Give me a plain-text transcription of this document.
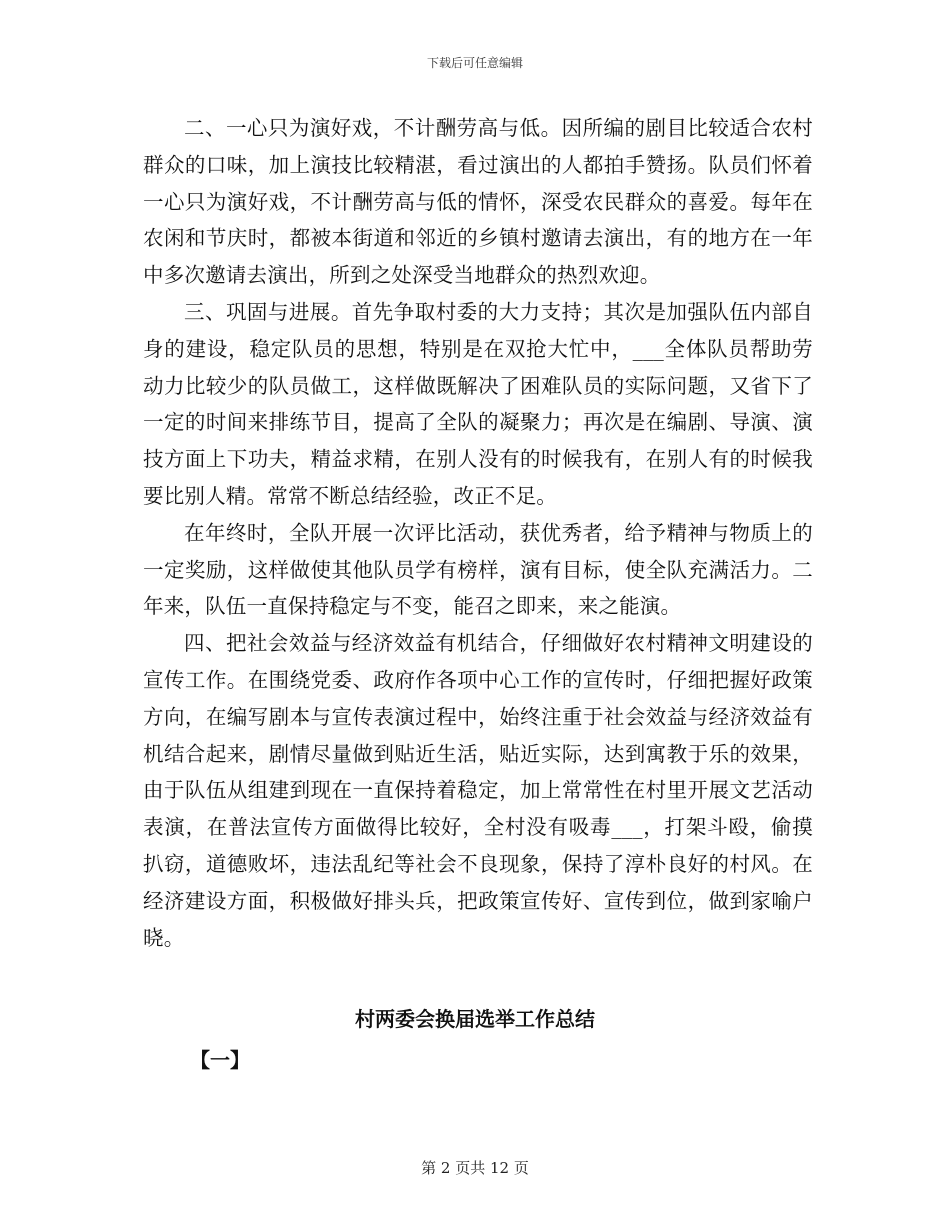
下载后可任意编辑

二、一心只为演好戏，不计酬劳高与低。因所编的剧目比较适合农村群众的口味，加上演技比较精湛，看过演出的人都拍手赞扬。队员们怀着一心只为演好戏，不计酬劳高与低的情怀，深受农民群众的喜爱。每年在农闲和节庆时，都被本街道和邻近的乡镇村邀请去演出，有的地方在一年中多次邀请去演出，所到之处深受当地群众的热烈欢迎。

三、巩固与进展。首先争取村委的大力支持；其次是加强队伍内部自身的建设，稳定队员的思想，特别是在双抢大忙中，___全体队员帮助劳动力比较少的队员做工，这样做既解决了困难队员的实际问题，又省下了一定的时间来排练节目，提高了全队的凝聚力；再次是在编剧、导演、演技方面上下功夫，精益求精，在别人没有的时候我有，在别人有的时候我要比别人精。常常不断总结经验，改正不足。

在年终时，全队开展一次评比活动，获优秀者，给予精神与物质上的一定奖励，这样做使其他队员学有榜样，演有目标，使全队充满活力。二年来，队伍一直保持稳定与不变，能召之即来，来之能演。

四、把社会效益与经济效益有机结合，仔细做好农村精神文明建设的宣传工作。在围绕党委、政府作各项中心工作的宣传时，仔细把握好政策方向，在编写剧本与宣传表演过程中，始终注重于社会效益与经济效益有机结合起来，剧情尽量做到贴近生活，贴近实际，达到寓教于乐的效果，由于队伍从组建到现在一直保持着稳定，加上常常性在村里开展文艺活动表演，在普法宣传方面做得比较好，全村没有吸毒___，打架斗殴，偷摸扒窃，道德败坏，违法乱纪等社会不良现象，保持了淳朴良好的村风。在经济建设方面，积极做好排头兵，把政策宣传好、宣传到位，做到家喻户晓。

村两委会换届选举工作总结
【一】
第 2 页共 12 页
